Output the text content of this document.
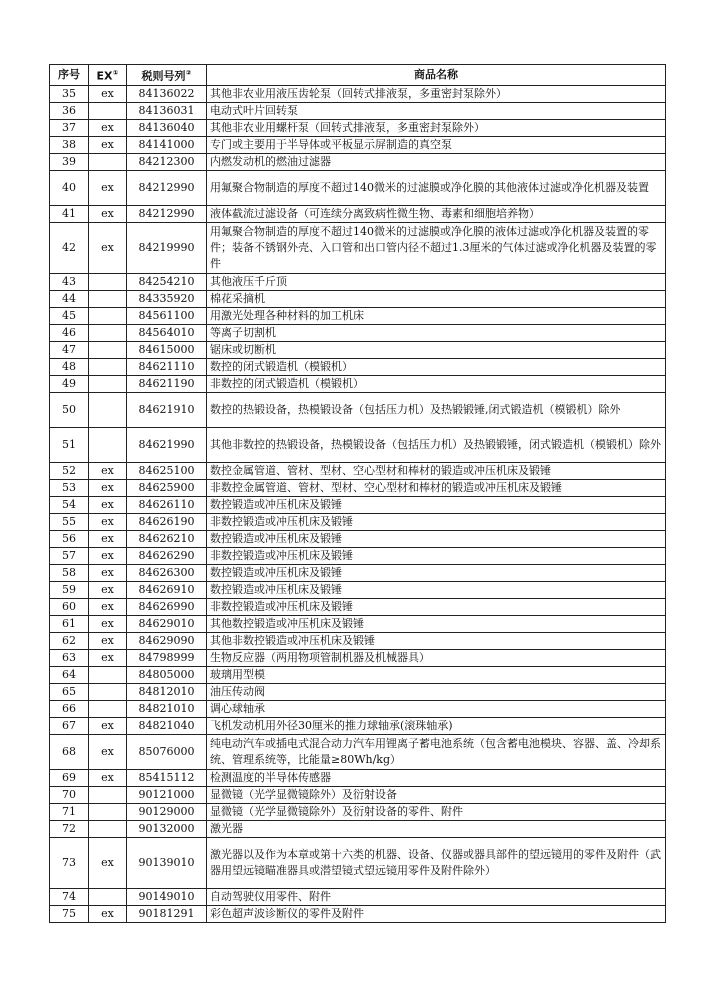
序号	EX①	税则号列②	商品名称
35	ex	84136022	其他非农业用液压齿轮泵（回转式排液泵，多重密封泵除外）
36		84136031	电动式叶片回转泵
37	ex	84136040	其他非农业用螺杆泵（回转式排液泵，多重密封泵除外）
38	ex	84141000	专门或主要用于半导体或平板显示屏制造的真空泵
39		84212300	内燃发动机的燃油过滤器
40	ex	84212990	用氟聚合物制造的厚度不超过140微米的过滤膜或净化膜的其他液体过滤或净化机器及装置
41	ex	84212990	液体截流过滤设备（可连续分离致病性微生物、毒素和细胞培养物）
42	ex	84219990	用氟聚合物制造的厚度不超过140微米的过滤膜或净化膜的液体过滤或净化机器及装置的零件；装备不锈钢外壳、入口管和出口管内径不超过1.3厘米的气体过滤或净化机器及装置的零件
43		84254210	其他液压千斤顶
44		84335920	棉花采摘机
45		84561100	用激光处理各种材料的加工机床
46		84564010	等离子切割机
47		84615000	锯床或切断机
48		84621110	数控的闭式锻造机（模锻机）
49		84621190	非数控的闭式锻造机（模锻机）
50		84621910	数控的热锻设备，热模锻设备（包括压力机）及热锻锻锤,闭式锻造机（模锻机）除外
51		84621990	其他非数控的热锻设备，热模锻设备（包括压力机）及热锻锻锤，闭式锻造机（模锻机）除外
52	ex	84625100	数控金属管道、管材、型材、空心型材和棒材的锻造或冲压机床及锻锤
53	ex	84625900	非数控金属管道、管材、型材、空心型材和棒材的锻造或冲压机床及锻锤
54	ex	84626110	数控锻造或冲压机床及锻锤
55	ex	84626190	非数控锻造或冲压机床及锻锤
56	ex	84626210	数控锻造或冲压机床及锻锤
57	ex	84626290	非数控锻造或冲压机床及锻锤
58	ex	84626300	数控锻造或冲压机床及锻锤
59	ex	84626910	数控锻造或冲压机床及锻锤
60	ex	84626990	非数控锻造或冲压机床及锻锤
61	ex	84629010	其他数控锻造或冲压机床及锻锤
62	ex	84629090	其他非数控锻造或冲压机床及锻锤
63	ex	84798999	生物反应器（两用物项管制机器及机械器具）
64		84805000	玻璃用型模
65		84812010	油压传动阀
66		84821010	调心球轴承
67	ex	84821040	飞机发动机用外径30厘米的推力球轴承(滚珠轴承)
68	ex	85076000	纯电动汽车或插电式混合动力汽车用锂离子蓄电池系统（包含蓄电池模块、容器、盖、冷却系统、管理系统等，比能量≥80Wh/kg）
69	ex	85415112	检测温度的半导体传感器
70		90121000	显微镜（光学显微镜除外）及衍射设备
71		90129000	显微镜（光学显微镜除外）及衍射设备的零件、附件
72		90132000	激光器
73	ex	90139010	激光器以及作为本章或第十六类的机器、设备、仪器或器具部件的望远镜用的零件及附件（武器用望远镜瞄准器具或潜望镜式望远镜用零件及附件除外）
74		90149010	自动驾驶仪用零件、附件
75	ex	90181291	彩色超声波诊断仪的零件及附件
